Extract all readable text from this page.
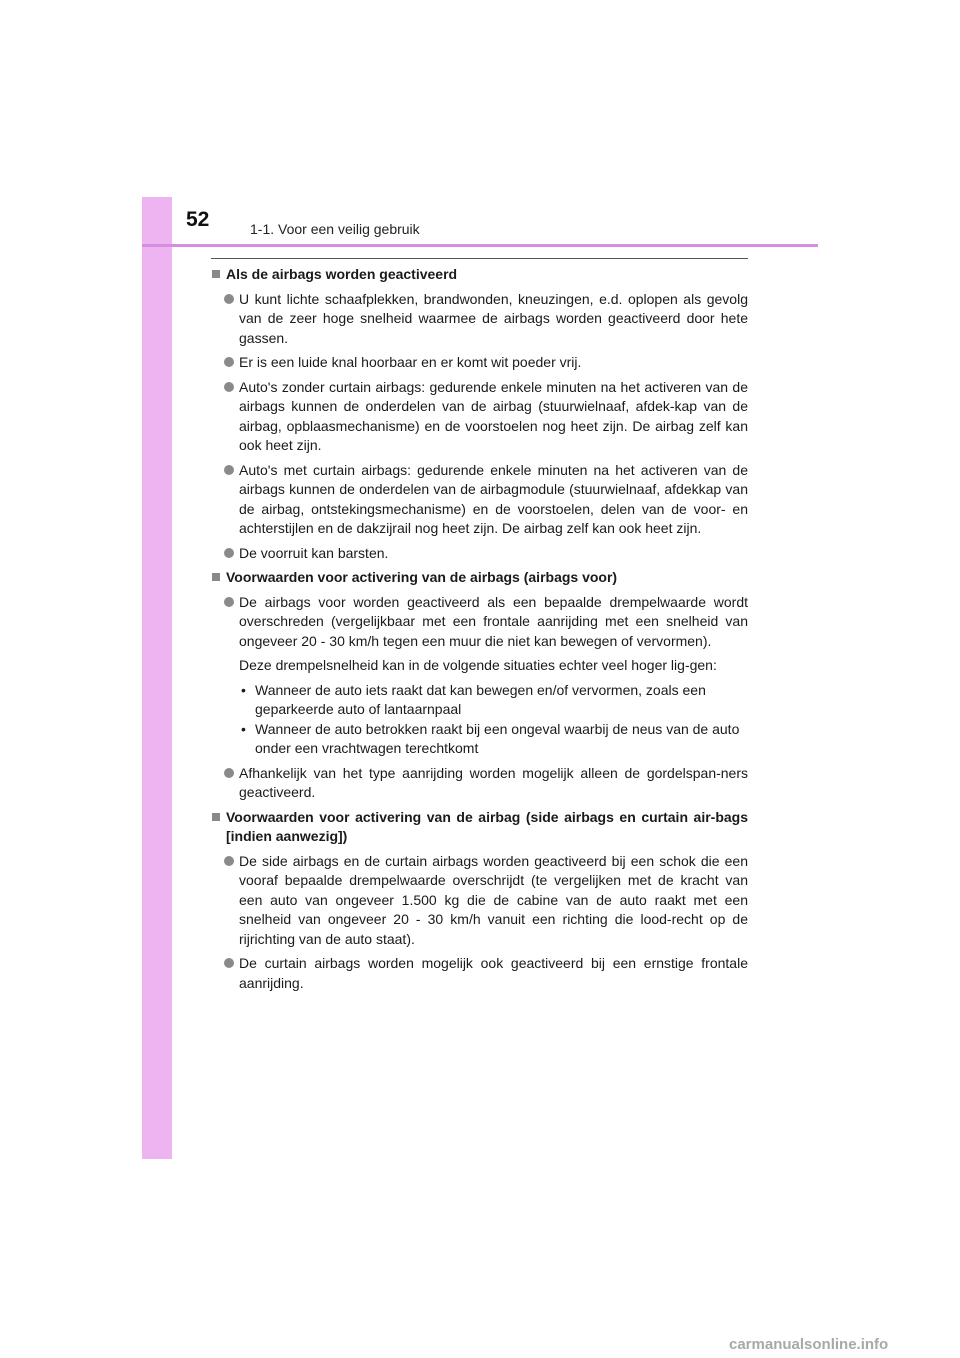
52	1-1. Voor een veilig gebruik
Als de airbags worden geactiveerd
U kunt lichte schaafplekken, brandwonden, kneuzingen, e.d. oplopen als gevolg van de zeer hoge snelheid waarmee de airbags worden geactiveerd door hete gassen.
Er is een luide knal hoorbaar en er komt wit poeder vrij.
Auto's zonder curtain airbags: gedurende enkele minuten na het activeren van de airbags kunnen de onderdelen van de airbag (stuurwielnaaf, afdek-kap van de airbag, opblaasmechanisme) en de voorstoelen nog heet zijn. De airbag zelf kan ook heet zijn.
Auto's met curtain airbags: gedurende enkele minuten na het activeren van de airbags kunnen de onderdelen van de airbagmodule (stuurwielnaaf, afdekkap van de airbag, ontstekingsmechanisme) en de voorstoelen, delen van de voor- en achterstijlen en de dakzijrail nog heet zijn. De airbag zelf kan ook heet zijn.
De voorruit kan barsten.
Voorwaarden voor activering van de airbags (airbags voor)
De airbags voor worden geactiveerd als een bepaalde drempelwaarde wordt overschreden (vergelijkbaar met een frontale aanrijding met een snelheid van ongeveer 20 - 30 km/h tegen een muur die niet kan bewegen of vervormen).
Deze drempelsnelheid kan in de volgende situaties echter veel hoger lig-gen:
• Wanneer de auto iets raakt dat kan bewegen en/of vervormen, zoals een geparkeerde auto of lantaarnpaal
• Wanneer de auto betrokken raakt bij een ongeval waarbij de neus van de auto onder een vrachtwagen terechtkomt
Afhankelijk van het type aanrijding worden mogelijk alleen de gordelspan-ners geactiveerd.
Voorwaarden voor activering van de airbag (side airbags en curtain air-bags [indien aanwezig])
De side airbags en de curtain airbags worden geactiveerd bij een schok die een vooraf bepaalde drempelwaarde overschrijdt (te vergelijken met de kracht van een auto van ongeveer 1.500 kg die de cabine van de auto raakt met een snelheid van ongeveer 20 - 30 km/h vanuit een richting die lood-recht op de rijrichting van de auto staat).
De curtain airbags worden mogelijk ook geactiveerd bij een ernstige frontale aanrijding.
carmanualsonline.info
